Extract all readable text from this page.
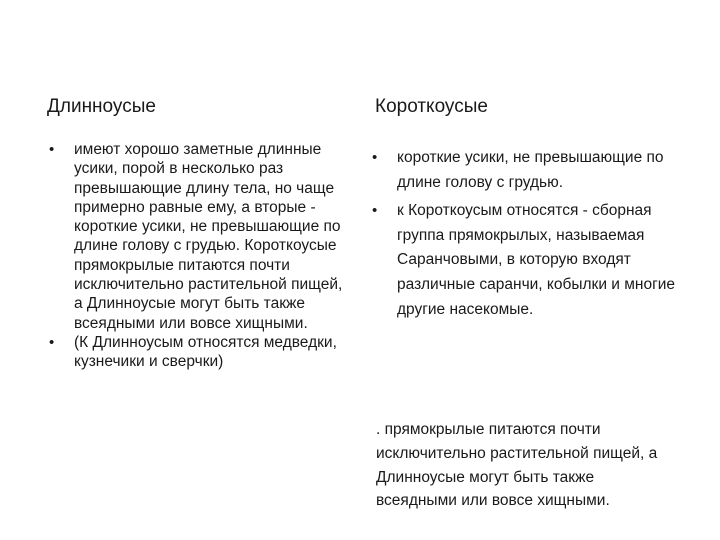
Длинноусые	Короткоусые
• имеют хорошо заметные длинные усики, порой в несколько раз превышающие длину тела, но чаще примерно равные ему, а вторые - короткие усики, не превышающие по длине голову с грудью. Короткоусые прямокрылые питаются почти исключительно растительной пищей, а Длинноусые могут быть также всеядными или вовсе хищными.
• (К Длинноусым относятся медведки, кузнечики и сверчки)
• короткие усики, не превышающие по длине голову с грудью.
• к Короткоусым относятся - сборная группа прямокрылых, называемая Саранчовыми, в которую входят различные саранчи, кобылки и многие другие насекомые.

. прямокрылые питаются почти исключительно растительной пищей, а Длинноусые могут быть также всеядными или вовсе хищными.
